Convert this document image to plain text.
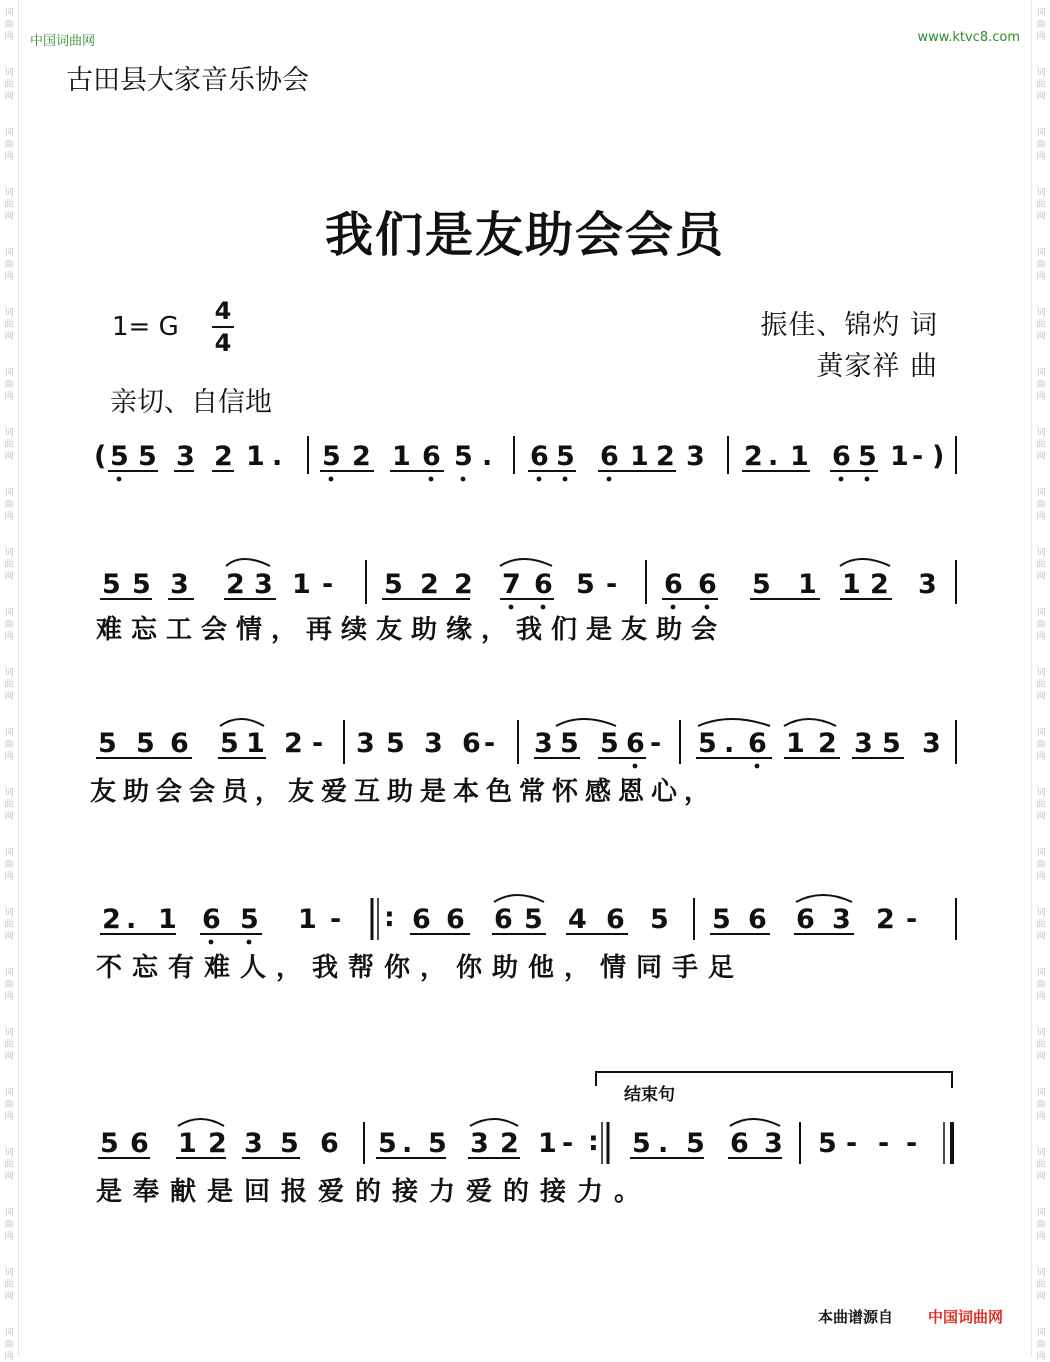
词
曲
网
词
曲
网
词
曲
网
词
曲
网
词
曲
网
词
曲
网
词
曲
网
词
曲
网
词
曲
网
词
曲
网
词
曲
网
词
曲
网
词
曲
网
词
曲
网
词
曲
网
词
曲
网
词
曲
网
词
曲
网
词
曲
网
词
曲
网
词
曲
网
词
曲
网
词
曲
网
词
曲
网
词
曲
网
词
曲
网
词
曲
网
词
曲
网
词
曲
网
词
曲
网
词
曲
网
词
曲
网
词
曲
网
词
曲
网
词
曲
网
词
曲
网
词
曲
网
词
曲
网
词
曲
网
词
曲
网
词
曲
网
词
曲
网
词
曲
网
词
曲
网
词
曲
网
词
曲
网
中国词曲网	www.ktvc8.com
古田县大家音乐协会
我们是友助会会员
1= G
4
4
振佳、锦灼 词
黄家祥 曲
亲切、自信地
( 5 5 3 2 1 . 5 2 1 6 5 . 6 5 6 1 2 3 2 . 1 6 5 1 - )
5 5 3 2 3 1 - 5 2 2 7 6 5 - 6 6 5 1 1 2 3
难忘工会情，再续友助缘，我们是友助会
5 5 6 5 1 2 - 3 5 3 6 - 3 5 5 6 - 5 . 6 1 2 3 5 3
友助会会员，友爱互助是本色常怀感恩心，
2 . 1 6 5 1 -	6 6 6 5 4 6 5 5 6 6 3 2 -
:
不忘有难人，我帮你，你助他，情同手足
结束句
5 6 1 2 3 5 6 5 . 5 3 2 1 - 5 . 5 6 3 5 - - -
:
是奉献是回报爱的接力爱的接力。
本曲谱源自 中国词曲网
